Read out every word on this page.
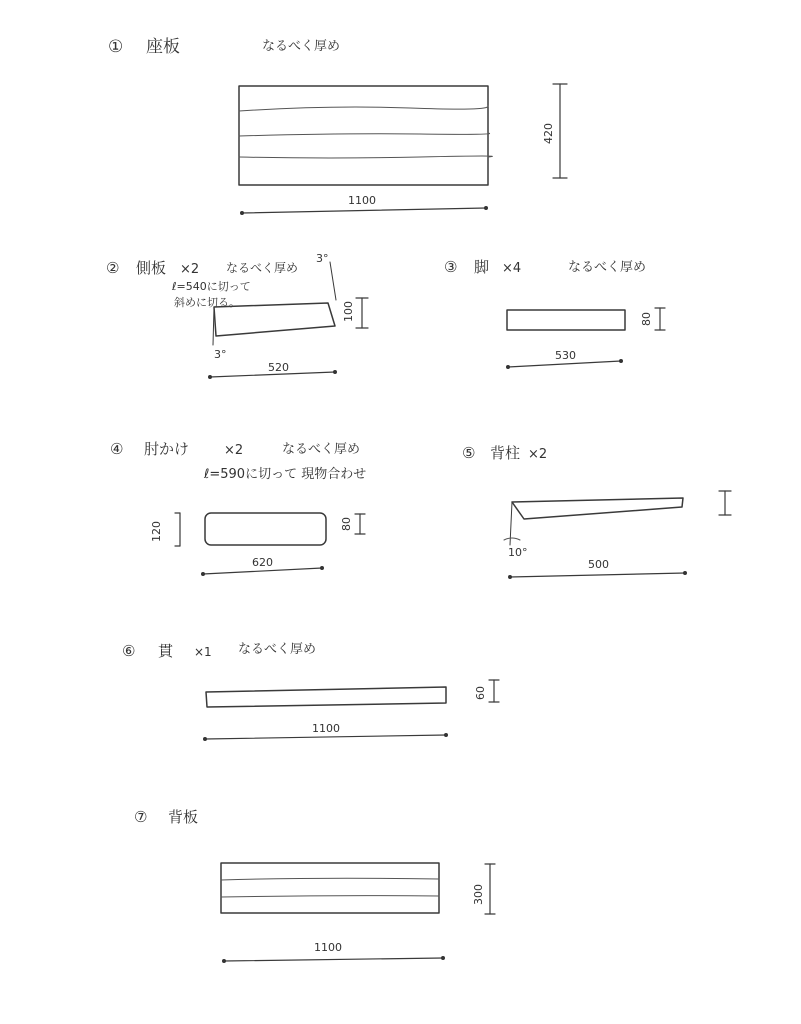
① 座板	なるべく厚め
420
1100
② 側板 ×2 なるべく厚め
ℓ=540に切って
斜めに切る。
3°
3°
100
520
③ 脚 ×4	なるべく厚め
80
530
④ 肘かけ	×2	なるべく厚め
ℓ=590に切って 現物合わせ
120	80
620
⑤ 背柱 ×2
10°
500
⑥ 貫 ×1 なるべく厚め
60
1100
⑦ 背板
300
1100
